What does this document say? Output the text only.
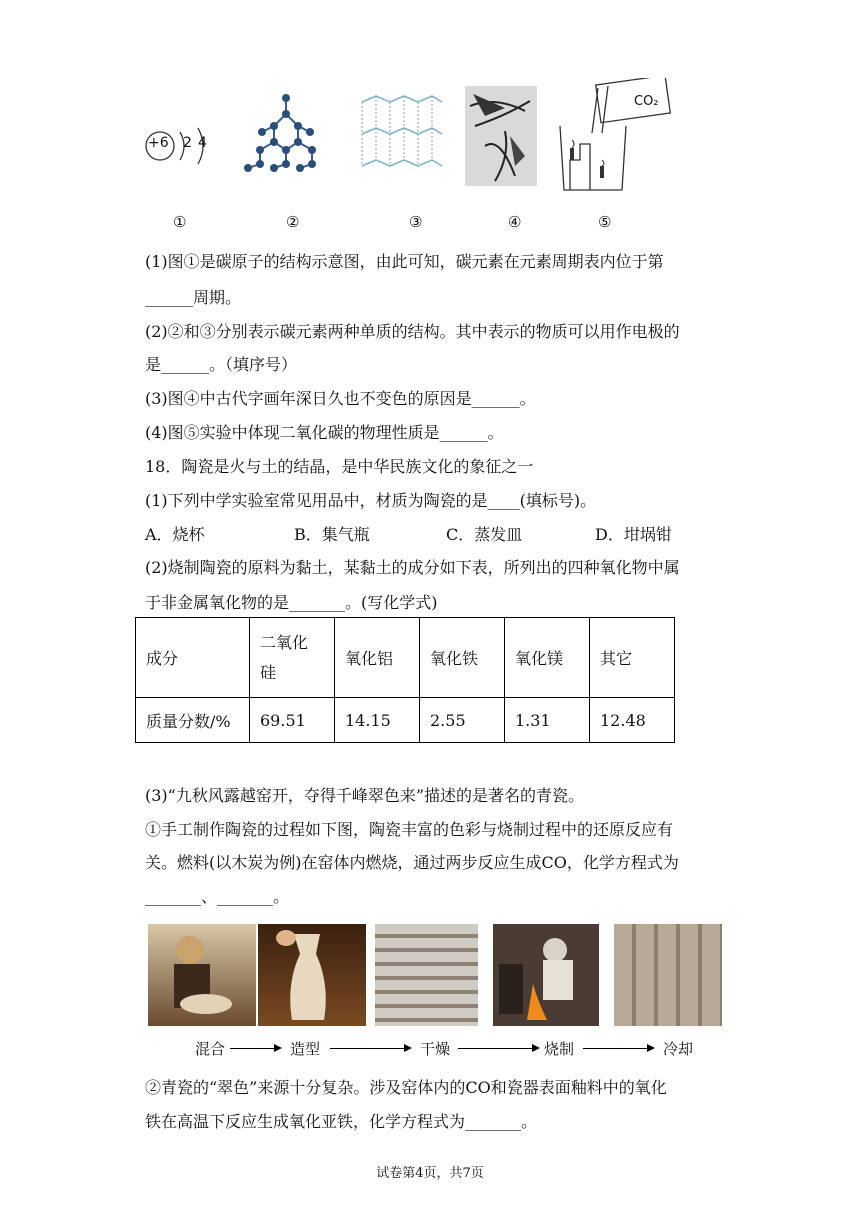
+6 2 4
CO₂
①	②	③	④	⑤
(1)图①是碳原子的结构示意图，由此可知，碳元素在元素周期表内位于第
______周期。
(2)②和③分别表示碳元素两种单质的结构。其中表示的物质可以用作电极的
是______。（填序号）
(3)图④中古代字画年深日久也不变色的原因是______。
(4)图⑤实验中体现二氧化碳的物理性质是______。
18．陶瓷是火与土的结晶，是中华民族文化的象征之一
(1)下列中学实验室常见用品中，材质为陶瓷的是____(填标号)。
A．烧杯	B．集气瓶	C．蒸发皿	D．坩埚钳
(2)烧制陶瓷的原料为黏土，某黏土的成分如下表，所列出的四种氧化物中属
于非金属氧化物的是_______。(写化学式)
成分	二氧化硅	氧化铝	氧化铁	氧化镁	其它
质量分数/%	69.51	14.15	2.55	1.31	12.48
(3)“九秋风露越窑开，夺得千峰翠色来”描述的是著名的青瓷。
①手工制作陶瓷的过程如下图，陶瓷丰富的色彩与烧制过程中的还原反应有
关。燃料(以木炭为例)在窑体内燃烧，通过两步反应生成CO，化学方程式为
_______、_______。
混合	造型	干燥	烧制	冷却
②青瓷的“翠色”来源十分复杂。涉及窑体内的CO和瓷器表面釉料中的氧化
铁在高温下反应生成氧化亚铁，化学方程式为_______。
试卷第4页，共7页
